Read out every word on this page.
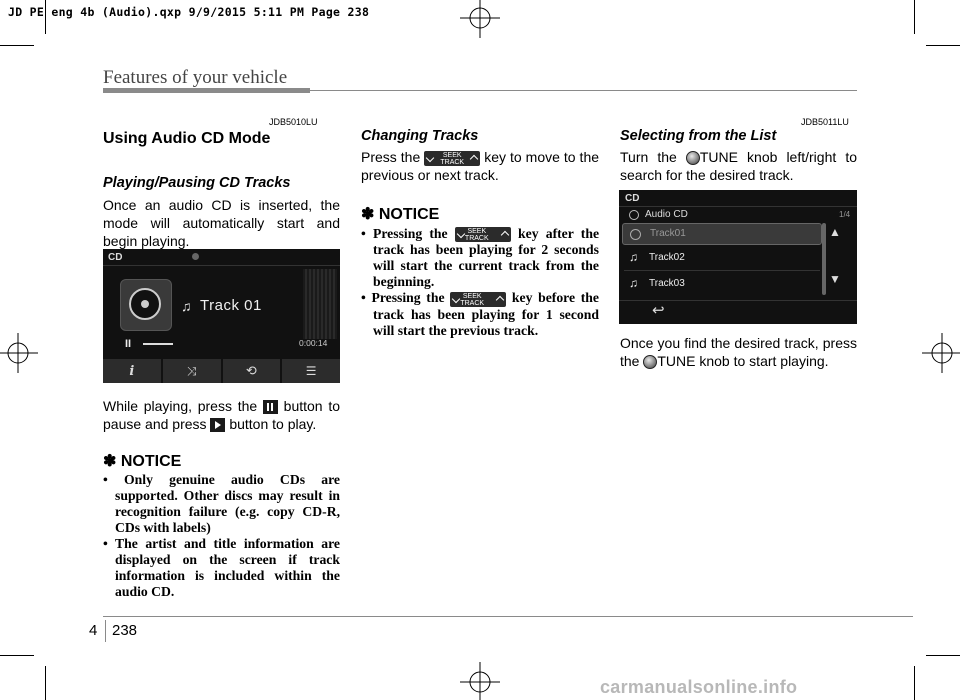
JD PE eng 4b (Audio).qxp 9/9/2015 5:11 PM Page 238
Features of your vehicle
JDB5010LU
Using Audio CD Mode
Playing/Pausing CD Tracks
Once an audio CD is inserted, the mode will automatically start and begin playing.
CD
♫ Track 01
II	0:00:14
i	⤨	⟲	☰
While playing, press the button to pause and press button to play.
✽ NOTICE
• Only genuine audio CDs are supported. Other discs may result in recognition failure (e.g. copy CD-R, CDs with labels)
• The artist and title information are displayed on the screen if track information is included within the audio CD.
Changing Tracks
Press the	SEEK
TRACK	key to move to the previous or next track.
✽ NOTICE
• Pressing the	SEEK
TRACK	key after the track has been playing for 2 seconds will start the current track from the beginning.
• Pressing the	SEEK
TRACK	key before the track has been playing for 1 second will start the previous track.
JDB5011LU
Selecting from the List
Turn the TUNE knob left/right to search for the desired track.
CD
Audio CD	1/4
Track01
♫ Track02
♫ Track03
▲
▼
↩
Once you find the desired track, press the TUNE knob to start playing.
4 238
carmanualsonline.info
